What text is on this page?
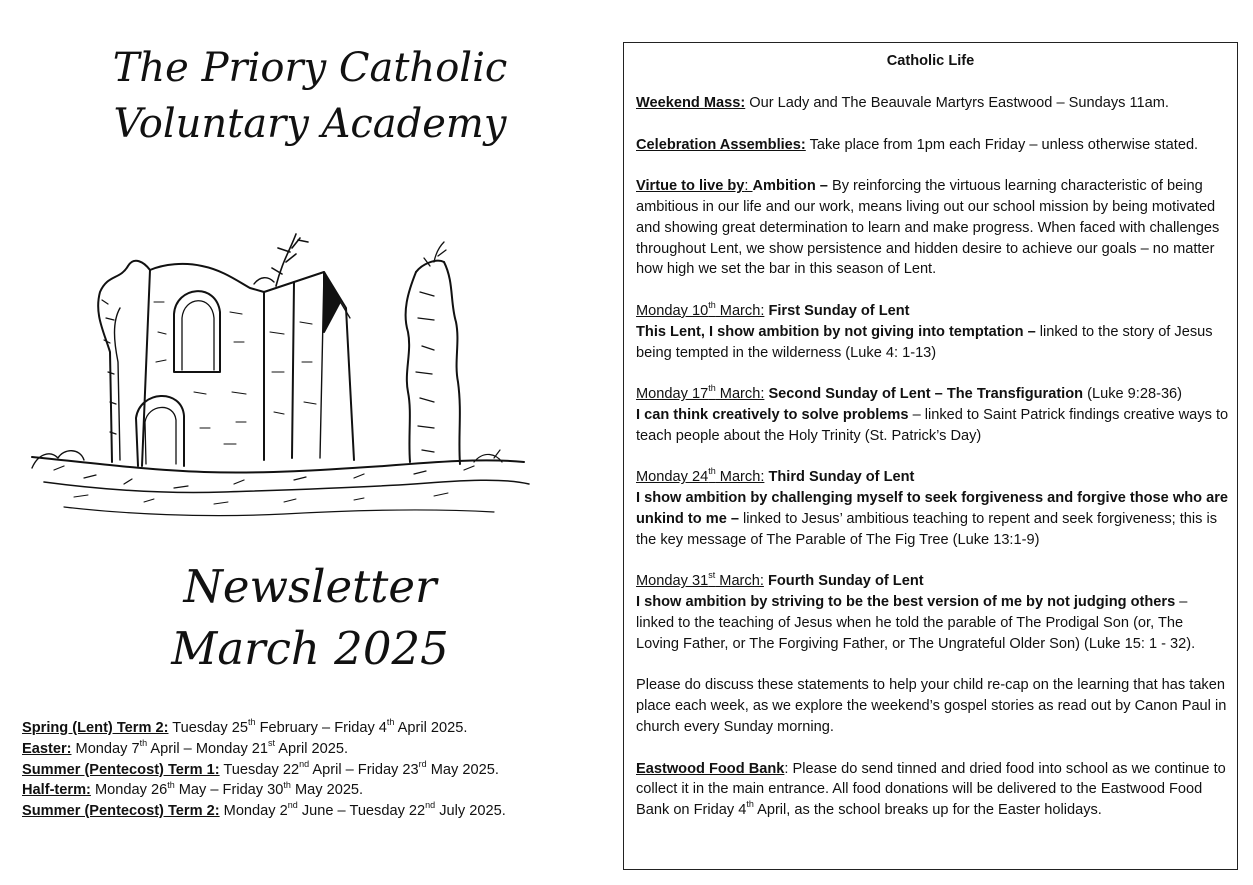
The Priory Catholic
Voluntary Academy
Newsletter
March 2025
Spring (Lent) Term 2: Tuesday 25th February – Friday 4th April 2025.
Easter: Monday 7th April – Monday 21st April 2025.
Summer (Pentecost) Term 1: Tuesday 22nd April – Friday 23rd May 2025.
Half-term: Monday 26th May – Friday 30th May 2025.
Summer (Pentecost) Term 2: Monday 2nd June – Tuesday 22nd July 2025.
Catholic Life

Weekend Mass: Our Lady and The Beauvale Martyrs Eastwood – Sundays 11am.

Celebration Assemblies: Take place from 1pm each Friday – unless otherwise stated.

Virtue to live by: Ambition – By reinforcing the virtuous learning characteristic of being ambitious in our life and our work, means living out our school mission by being motivated and showing great determination to learn and make progress. When faced with challenges throughout Lent, we show persistence and hidden desire to achieve our goals – no matter how high we set the bar in this season of Lent.

Monday 10th March: First Sunday of Lent
This Lent, I show ambition by not giving into temptation – linked to the story of Jesus being tempted in the wilderness (Luke 4: 1-13)

Monday 17th March: Second Sunday of Lent – The Transfiguration (Luke 9:28-36)
I can think creatively to solve problems – linked to Saint Patrick findings creative ways to teach people about the Holy Trinity (St. Patrick’s Day)

Monday 24th March: Third Sunday of Lent
I show ambition by challenging myself to seek forgiveness and forgive those who are unkind to me – linked to Jesus’ ambitious teaching to repent and seek forgiveness; this is the key message of The Parable of The Fig Tree (Luke 13:1-9)

Monday 31st March: Fourth Sunday of Lent
I show ambition by striving to be the best version of me by not judging others – linked to the teaching of Jesus when he told the parable of The Prodigal Son (or, The Loving Father, or The Forgiving Father, or The Ungrateful Older Son) (Luke 15: 1 - 32).

Please do discuss these statements to help your child re-cap on the learning that has taken place each week, as we explore the weekend’s gospel stories as read out by Canon Paul in church every Sunday morning.

Eastwood Food Bank: Please do send tinned and dried food into school as we continue to collect it in the main entrance. All food donations will be delivered to the Eastwood Food Bank on Friday 4th April, as the school breaks up for the Easter holidays.
